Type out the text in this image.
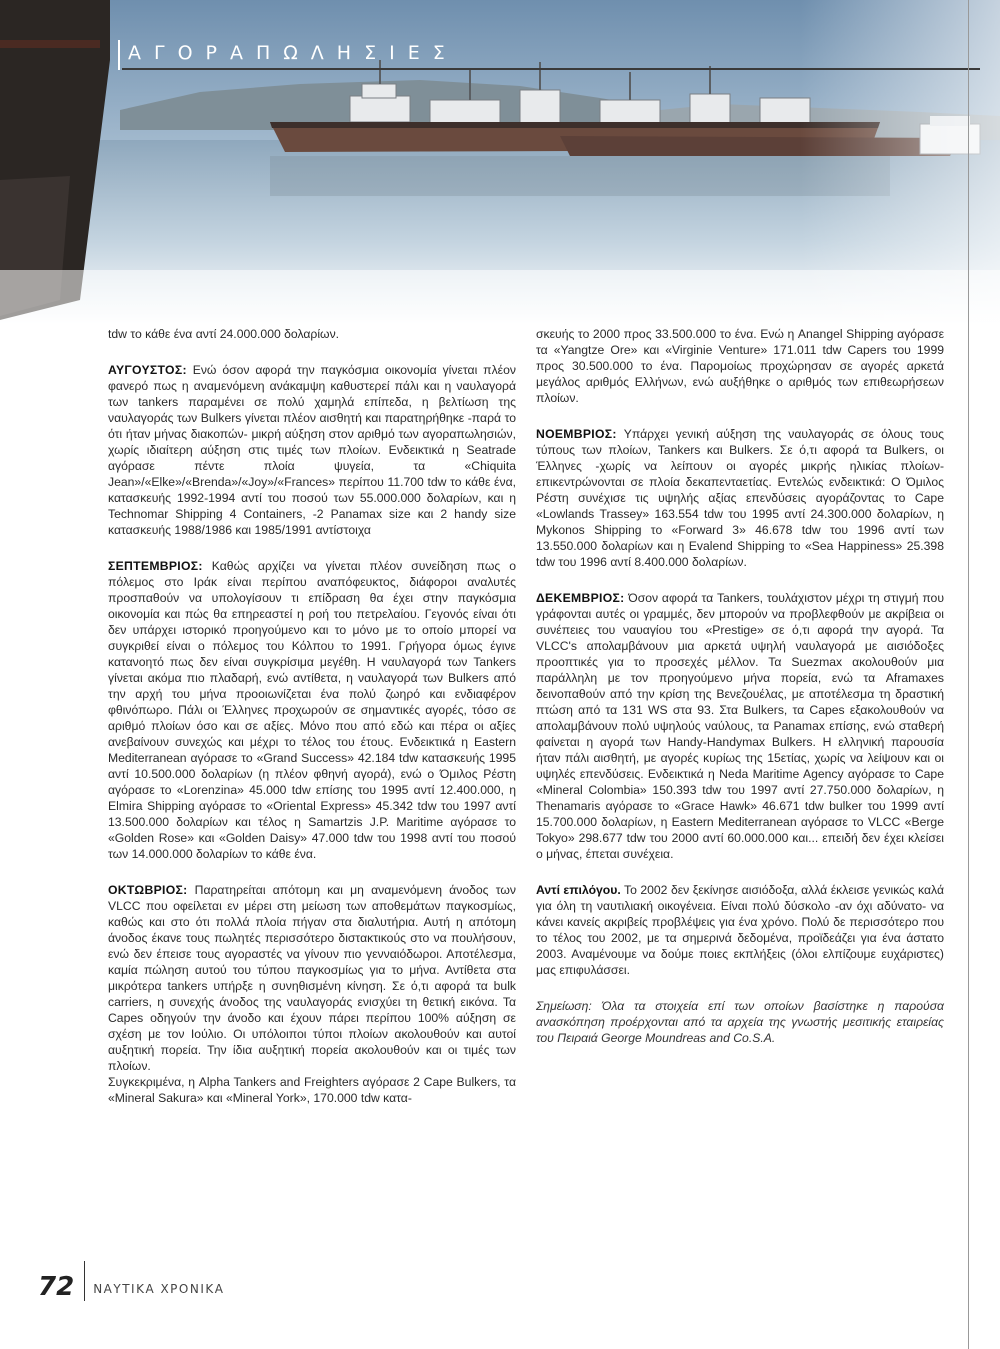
ΑΓΟΡΑΠΩΛΗΣΙΕΣ

tdw το κάθε ένα αντί 24.000.000 δολαρίων.

ΑΥΓΟΥΣΤΟΣ: Ενώ όσον αφορά την παγκόσμια οικονομία γίνεται πλέον φανερό πως η αναμενόμενη ανάκαμψη καθυστερεί πάλι και η ναυλαγορά των tankers παραμένει σε πολύ χαμηλά επίπεδα, η βελτίωση της ναυλαγοράς των Bulkers γίνεται πλέον αισθητή και παρατηρήθηκε -παρά το ότι ήταν μήνας διακοπών- μικρή αύξηση στον αριθμό των αγοραπωλησιών, χωρίς ιδιαίτερη αύξηση στις τιμές των πλοίων. Ενδεικτικά η Seatrade αγόρασε πέντε πλοία ψυγεία, τα «Chiquita Jean»/«Elke»/«Brenda»/«Joy»/«Frances» περίπου 11.700 tdw το κάθε ένα, κατασκευής 1992-1994 αντί του ποσού των 55.000.000 δολαρίων, και η Technomar Shipping 4 Containers, -2 Panamax size και 2 handy size κατασκευής 1988/1986 και 1985/1991 αντίστοιχα

ΣΕΠΤΕΜΒΡΙΟΣ: Καθώς αρχίζει να γίνεται πλέον συνείδηση πως ο πόλεμος στο Ιράκ είναι περίπου αναπόφευκτος, διάφοροι αναλυτές προσπαθούν να υπολογίσουν τι επίδραση θα έχει στην παγκόσμια οικονομία και πώς θα επηρεαστεί η ροή του πετρελαίου. Γεγονός είναι ότι δεν υπάρχει ιστορικό προηγούμενο και το μόνο με το οποίο μπορεί να συγκριθεί είναι ο πόλεμος του Κόλπου το 1991. Γρήγορα όμως έγινε κατανοητό πως δεν είναι συγκρίσιμα μεγέθη. Η ναυλαγορά των Tankers γίνεται ακόμα πιο πλαδαρή, ενώ αντίθετα, η ναυλαγορά των Bulkers από την αρχή του μήνα προοιωνίζεται ένα πολύ ζωηρό και ενδιαφέρον φθινόπωρο. Πάλι οι Έλληνες προχωρούν σε σημαντικές αγορές, τόσο σε αριθμό πλοίων όσο και σε αξίες. Μόνο που από εδώ και πέρα οι αξίες ανεβαίνουν συνεχώς και μέχρι το τέλος του έτους. Ενδεικτικά η Eastern Mediterranean αγόρασε το «Grand Success» 42.184 tdw κατασκευής 1995 αντί 10.500.000 δολαρίων (η πλέον φθηνή αγορά), ενώ ο Όμιλος Ρέστη αγόρασε το «Lorenzina» 45.000 tdw επίσης του 1995 αντί 12.400.000, η Elmira Shipping αγόρασε το «Oriental Express» 45.342 tdw του 1997 αντί 13.500.000 δολαρίων και τέλος η Samartzis J.P. Maritime αγόρασε το «Golden Rose» και «Golden Daisy» 47.000 tdw του 1998 αντί του ποσού των 14.000.000 δολαρίων το κάθε ένα.

ΟΚΤΩΒΡΙΟΣ: Παρατηρείται απότομη και μη αναμενόμενη άνοδος των VLCC που οφείλεται εν μέρει στη μείωση των αποθεμάτων παγκοσμίως, καθώς και στο ότι πολλά πλοία πήγαν στα διαλυτήρια. Αυτή η απότομη άνοδος έκανε τους πωλητές περισσότερο διστακτικούς στο να πουλήσουν, ενώ δεν έπεισε τους αγοραστές να γίνουν πιο γενναιόδωροι. Αποτέλεσμα, καμία πώληση αυτού του τύπου παγκοσμίως για το μήνα. Αντίθετα στα μικρότερα tankers υπήρξε η συνηθισμένη κίνηση. Σε ό,τι αφορά τα bulk carriers, η συνεχής άνοδος της ναυλαγοράς ενισχύει τη θετική εικόνα. Τα Capes οδηγούν την άνοδο και έχουν πάρει περίπου 100% αύξηση σε σχέση με τον Ιούλιο. Οι υπόλοιποι τύποι πλοίων ακολουθούν και αυτοί αυξητική πορεία. Την ίδια αυξητική πορεία ακολουθούν και οι τιμές των πλοίων.

Συγκεκριμένα, η Alpha Tankers and Freighters αγόρασε 2 Cape Bulkers, τα «Mineral Sakura» και «Mineral York», 170.000 tdw κατα-

σκευής το 2000 προς 33.500.000 το ένα. Ενώ η Anangel Shipping αγόρασε τα «Yangtze Ore» και «Virginie Venture» 171.011 tdw Capers του 1999 προς 30.500.000 το ένα. Παρομοίως προχώρησαν σε αγορές αρκετά μεγάλος αριθμός Ελλήνων, ενώ αυξήθηκε ο αριθμός των επιθεωρήσεων πλοίων.

ΝΟΕΜΒΡΙΟΣ: Υπάρχει γενική αύξηση της ναυλαγοράς σε όλους τους τύπους των πλοίων, Tankers και Bulkers. Σε ό,τι αφορά τα Bulkers, οι Έλληνες -χωρίς να λείπουν οι αγορές μικρής ηλικίας πλοίων- επικεντρώνονται σε πλοία δεκαπενταετίας. Εντελώς ενδεικτικά: Ο Όμιλος Ρέστη συνέχισε τις υψηλής αξίας επενδύσεις αγοράζοντας το Cape «Lowlands Trassey» 163.554 tdw του 1995 αντί 24.300.000 δολαρίων, η Mykonos Shipping το «Forward 3» 46.678 tdw του 1996 αντί των 13.550.000 δολαρίων και η Evalend Shipping το «Sea Happiness» 25.398 tdw του 1996 αντί 8.400.000 δολαρίων.

ΔΕΚΕΜΒΡΙΟΣ: Όσον αφορά τα Tankers, τουλάχιστον μέχρι τη στιγμή που γράφονται αυτές οι γραμμές, δεν μπορούν να προβλεφθούν με ακρίβεια οι συνέπειες του ναυαγίου του «Prestige» σε ό,τι αφορά την αγορά. Τα VLCC's απολαμβάνουν μια αρκετά υψηλή ναυλαγορά με αισιόδοξες προοπτικές για το προσεχές μέλλον. Τα Suezmax ακολουθούν μια παράλληλη με τον προηγούμενο μήνα πορεία, ενώ τα Aframaxes δεινοπαθούν από την κρίση της Βενεζουέλας, με αποτέλεσμα τη δραστική πτώση από τα 131 WS στα 93. Στα Bulkers, τα Capes εξακολουθούν να απολαμβάνουν πολύ υψηλούς ναύλους, τα Panamax επίσης, ενώ σταθερή φαίνεται η αγορά των Handy-Handymax Bulkers. Η ελληνική παρουσία ήταν πάλι αισθητή, με αγορές κυρίως της 15ετίας, χωρίς να λείψουν και οι υψηλές επενδύσεις. Ενδεικτικά η Neda Maritime Agency αγόρασε το Cape «Mineral Colombia» 150.393 tdw του 1997 αντί 27.750.000 δολαρίων, η Thenamaris αγόρασε το «Grace Hawk» 46.671 tdw bulker του 1999 αντί 15.700.000 δολαρίων, η Eastern Mediterranean αγόρασε το VLCC «Berge Tokyo» 298.677 tdw του 2000 αντί 60.000.000 και... επειδή δεν έχει κλείσει ο μήνας, έπεται συνέχεια.

Αντί επιλόγου. Το 2002 δεν ξεκίνησε αισιόδοξα, αλλά έκλεισε γενικώς καλά για όλη τη ναυτιλιακή οικογένεια. Είναι πολύ δύσκολο -αν όχι αδύνατο- να κάνει κανείς ακριβείς προβλέψεις για ένα χρόνο. Πολύ δε περισσότερο που το τέλος του 2002, με τα σημερινά δεδομένα, προϊδεάζει για ένα άστατο 2003. Αναμένουμε να δούμε ποιες εκπλήξεις (όλοι ελπίζουμε ευχάριστες) μας επιφυλάσσει.

Σημείωση: Όλα τα στοιχεία επί των οποίων βασίστηκε η παρούσα ανασκόπηση προέρχονται από τα αρχεία της γνωστής μεσιτικής εταιρείας του Πειραιά George Moundreas and Co.S.A.

72 ΝΑΥΤΙΚΑ ΧΡΟΝΙΚΑ
